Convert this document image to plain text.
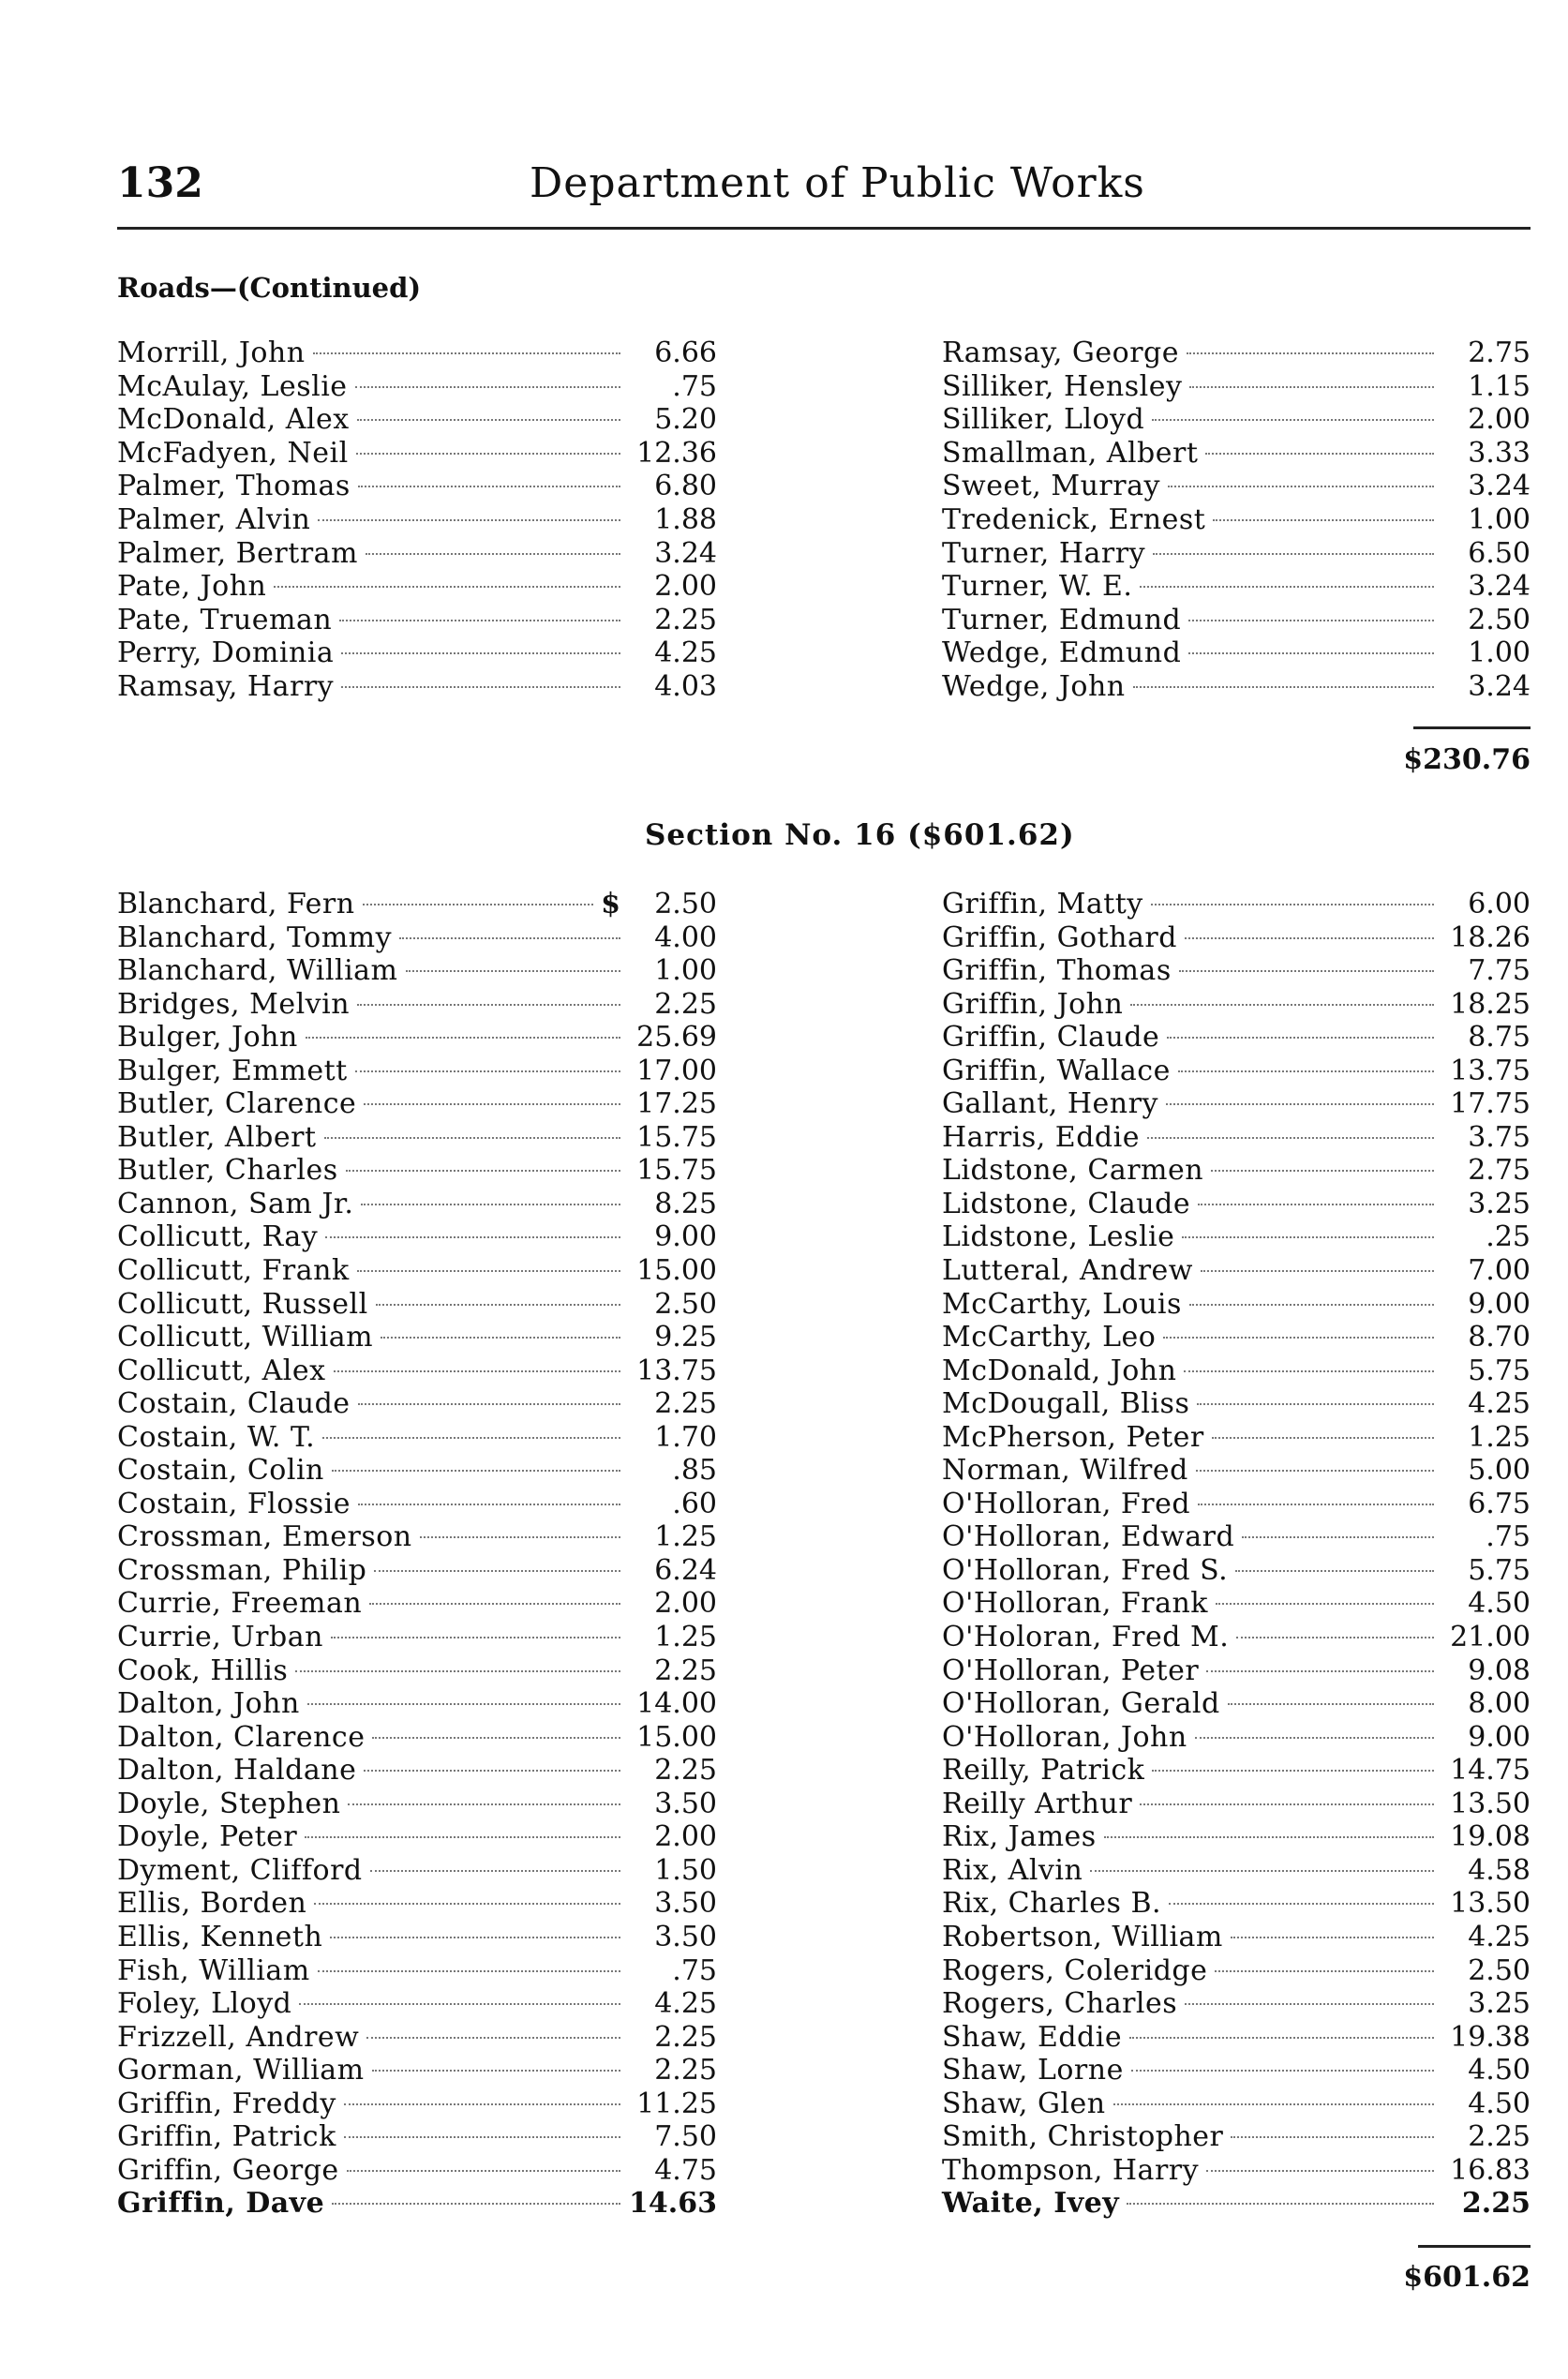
132	Department of Public Works
Roads—(Continued)
Morrill, John	6.66
McAulay, Leslie	.75
McDonald, Alex	5.20
McFadyen, Neil	12.36
Palmer, Thomas	6.80
Palmer, Alvin	1.88
Palmer, Bertram	3.24
Pate, John	2.00
Pate, Trueman	2.25
Perry, Dominia	4.25
Ramsay, Harry	4.03
Ramsay, George	2.75
Silliker, Hensley	1.15
Silliker, Lloyd	2.00
Smallman, Albert	3.33
Sweet, Murray	3.24
Tredenick, Ernest	1.00
Turner, Harry	6.50
Turner, W. E.	3.24
Turner, Edmund	2.50
Wedge, Edmund	1.00
Wedge, John	3.24
$230.76
Section No. 16 ($601.62)
Blanchard, Fern	$	2.50
Blanchard, Tommy	4.00
Blanchard, William	1.00
Bridges, Melvin	2.25
Bulger, John	25.69
Bulger, Emmett	17.00
Butler, Clarence	17.25
Butler, Albert	15.75
Butler, Charles	15.75
Cannon, Sam Jr.	8.25
Collicutt, Ray	9.00
Collicutt, Frank	15.00
Collicutt, Russell	2.50
Collicutt, William	9.25
Collicutt, Alex	13.75
Costain, Claude	2.25
Costain, W. T.	1.70
Costain, Colin	.85
Costain, Flossie	.60
Crossman, Emerson	1.25
Crossman, Philip	6.24
Currie, Freeman	2.00
Currie, Urban	1.25
Cook, Hillis	2.25
Dalton, John	14.00
Dalton, Clarence	15.00
Dalton, Haldane	2.25
Doyle, Stephen	3.50
Doyle, Peter	2.00
Dyment, Clifford	1.50
Ellis, Borden	3.50
Ellis, Kenneth	3.50
Fish, William	.75
Foley, Lloyd	4.25
Frizzell, Andrew	2.25
Gorman, William	2.25
Griffin, Freddy	11.25
Griffin, Patrick	7.50
Griffin, George	4.75
Griffin, Dave	14.63
Griffin, Matty	6.00
Griffin, Gothard	18.26
Griffin, Thomas	7.75
Griffin, John	18.25
Griffin, Claude	8.75
Griffin, Wallace	13.75
Gallant, Henry	17.75
Harris, Eddie	3.75
Lidstone, Carmen	2.75
Lidstone, Claude	3.25
Lidstone, Leslie	.25
Lutteral, Andrew	7.00
McCarthy, Louis	9.00
McCarthy, Leo	8.70
McDonald, John	5.75
McDougall, Bliss	4.25
McPherson, Peter	1.25
Norman, Wilfred	5.00
O'Holloran, Fred	6.75
O'Holloran, Edward	.75
O'Holloran, Fred S.	5.75
O'Holloran, Frank	4.50
O'Holoran, Fred M.	21.00
O'Holloran, Peter	9.08
O'Holloran, Gerald	8.00
O'Holloran, John	9.00
Reilly, Patrick	14.75
Reilly Arthur	13.50
Rix, James	19.08
Rix, Alvin	4.58
Rix, Charles B.	13.50
Robertson, William	4.25
Rogers, Coleridge	2.50
Rogers, Charles	3.25
Shaw, Eddie	19.38
Shaw, Lorne	4.50
Shaw, Glen	4.50
Smith, Christopher	2.25
Thompson, Harry	16.83
Waite, Ivey	2.25
$601.62
